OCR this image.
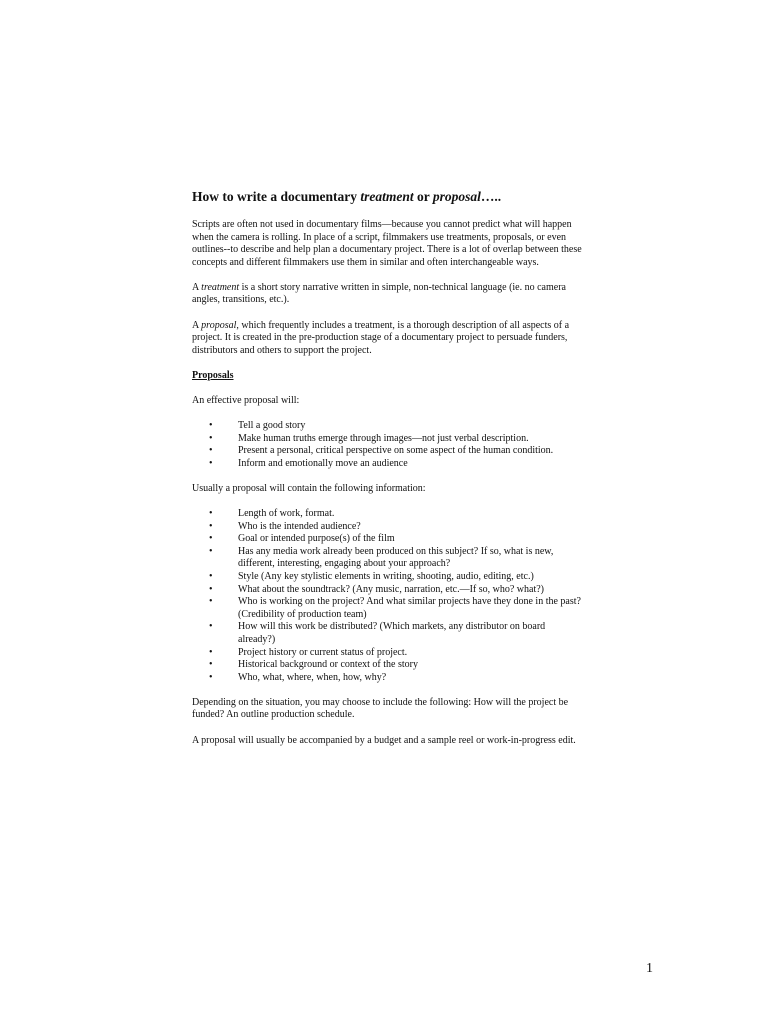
How to write a documentary treatment or proposal…..

Scripts are often not used in documentary films—because you cannot predict what will happen when the camera is rolling. In place of a script, filmmakers use treatments, proposals, or even outlines--to describe and help plan a documentary project. There is a lot of overlap between these concepts and different filmmakers use them in similar and often interchangeable ways.

A treatment is a short story narrative written in simple, non-technical language (ie. no camera angles, transitions, etc.).

A proposal, which frequently includes a treatment, is a thorough description of all aspects of a project. It is created in the pre-production stage of a documentary project to persuade funders, distributors and others to support the project.

Proposals

An effective proposal will:

•	Tell a good story
•	Make human truths emerge through images—not just verbal description.
•	Present a personal, critical perspective on some aspect of the human condition.
•	Inform and emotionally move an audience

Usually a proposal will contain the following information:

•	Length of work, format.
•	Who is the intended audience?
•	Goal or intended purpose(s) of the film
•	Has any media work already been produced on this subject? If so, what is new, different, interesting, engaging about your approach?
•	Style (Any key stylistic elements in writing, shooting, audio, editing, etc.)
•	What about the soundtrack? (Any music, narration, etc.—If so, who? what?)
•	Who is working on the project? And what similar projects have they done in the past? (Credibility of production team)
•	How will this work be distributed? (Which markets, any distributor on board already?)
•	Project history or current status of project.
•	Historical background or context of the story
•	Who, what, where, when, how, why?

Depending on the situation, you may choose to include the following: How will the project be funded? An outline production schedule.

A proposal will usually be accompanied by a budget and a sample reel or work-in-progress edit.

1
